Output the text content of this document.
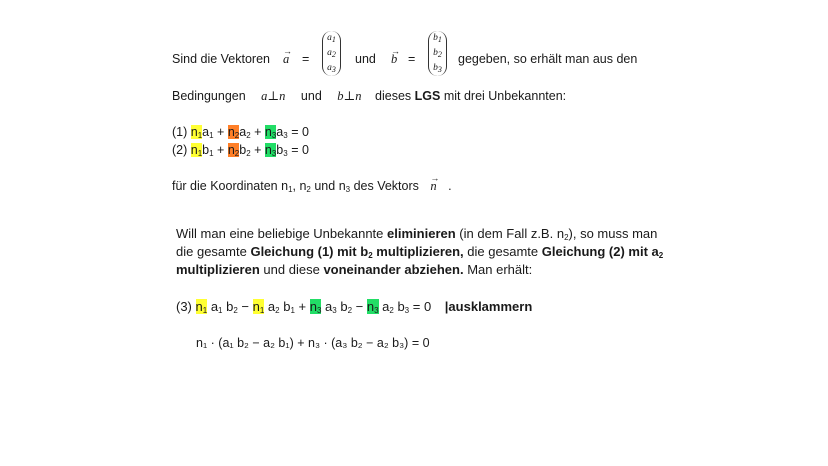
Sind die Vektoren → a =
$a_1$
$a_2$
$a_3$
und → b =
$b_1$
$b_2$
$b_3$
gegeben, so erhält man aus den
Bedingungen a⊥n und b⊥n dieses LGS mit drei Unbekannten:
(1) $n_1a_1 + n_2a_2 + n_3a_3 = 0$
(2) $n_1b_1 + n_2b_2 + n_3b_3 = 0$
für die Koordinaten $n_1$, $n_2$ und $n_3$ des Vektors → n .
Will man eine beliebige Unbekannte eliminieren (in dem Fall z.B. $n_2$), so muss man
die gesamte Gleichung (1) mit $b_2$ multiplizieren, die gesamte Gleichung (2) mit $a_2$
multiplizieren und diese voneinander abziehen. Man erhält:
(3) $n_1$ $a_1$ $b_2 - n_1$ $a_2$ $b_1 + n_3$ $a_3$ $b_2 - n_3$ $a_2$ $b_3 = 0$ |ausklammern
n₁ · (a₁ b₂ − a₂ b₁) + n₃ · (a₃ b₂ − a₂ b₃) = 0
